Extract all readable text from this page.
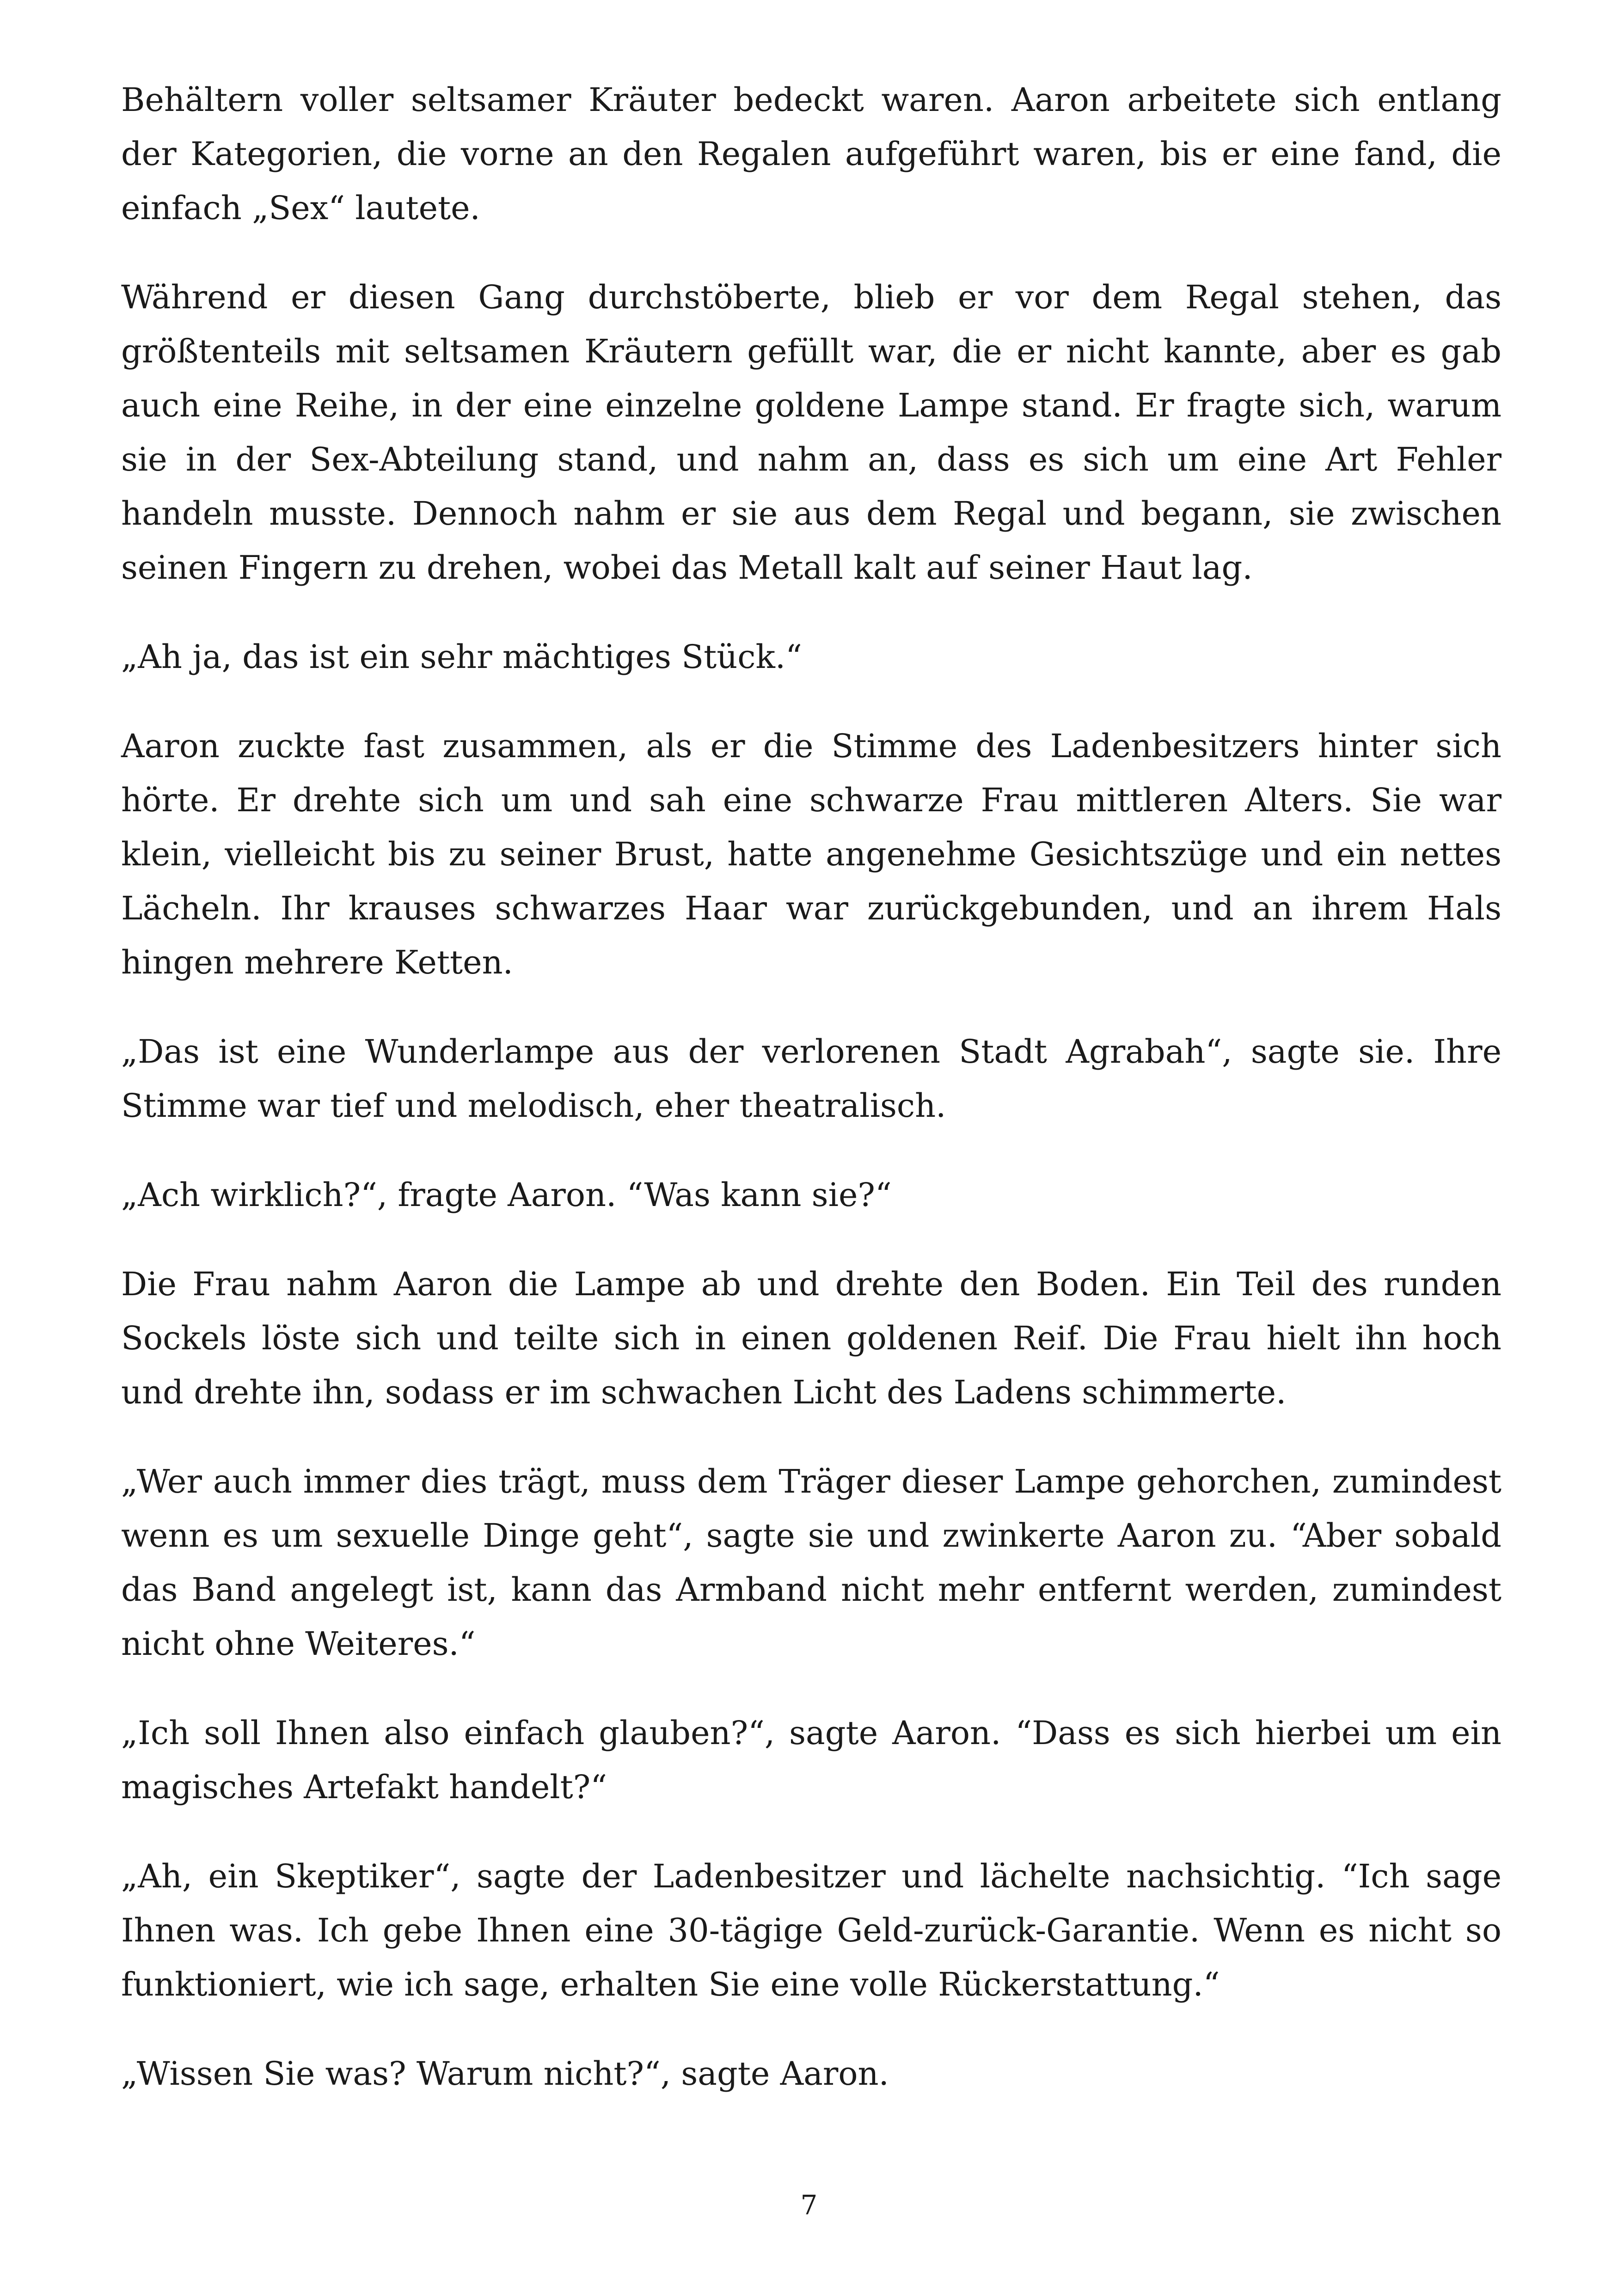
Behältern voller seltsamer Kräuter bedeckt waren. Aaron arbeitete sich entlang der Kategorien, die vorne an den Regalen aufgeführt waren, bis er eine fand, die einfach „Sex“ lautete.

Während er diesen Gang durchstöberte, blieb er vor dem Regal stehen, das größtenteils mit seltsamen Kräutern gefüllt war, die er nicht kannte, aber es gab auch eine Reihe, in der eine einzelne goldene Lampe stand. Er fragte sich, warum sie in der Sex-Abteilung stand, und nahm an, dass es sich um eine Art Fehler handeln musste. Dennoch nahm er sie aus dem Regal und begann, sie zwischen seinen Fingern zu drehen, wobei das Metall kalt auf seiner Haut lag.

„Ah ja, das ist ein sehr mächtiges Stück.“

Aaron zuckte fast zusammen, als er die Stimme des Ladenbesitzers hinter sich hörte. Er drehte sich um und sah eine schwarze Frau mittleren Alters. Sie war klein, vielleicht bis zu seiner Brust, hatte angenehme Gesichtszüge und ein nettes Lächeln. Ihr krauses schwarzes Haar war zurückgebunden, und an ihrem Hals hingen mehrere Ketten.

„Das ist eine Wunderlampe aus der verlorenen Stadt Agrabah“, sagte sie. Ihre Stimme war tief und melodisch, eher theatralisch.

„Ach wirklich?“, fragte Aaron. “Was kann sie?“

Die Frau nahm Aaron die Lampe ab und drehte den Boden. Ein Teil des runden Sockels löste sich und teilte sich in einen goldenen Reif. Die Frau hielt ihn hoch und drehte ihn, sodass er im schwachen Licht des Ladens schimmerte.

„Wer auch immer dies trägt, muss dem Träger dieser Lampe gehorchen, zumindest wenn es um sexuelle Dinge geht“, sagte sie und zwinkerte Aaron zu. “Aber sobald das Band angelegt ist, kann das Armband nicht mehr entfernt werden, zumindest nicht ohne Weiteres.“

„Ich soll Ihnen also einfach glauben?“, sagte Aaron. “Dass es sich hierbei um ein magisches Artefakt handelt?“

„Ah, ein Skeptiker“, sagte der Ladenbesitzer und lächelte nachsichtig. “Ich sage Ihnen was. Ich gebe Ihnen eine 30-tägige Geld-zurück-Garantie. Wenn es nicht so funktioniert, wie ich sage, erhalten Sie eine volle Rückerstattung.“

„Wissen Sie was? Warum nicht?“, sagte Aaron.

7
